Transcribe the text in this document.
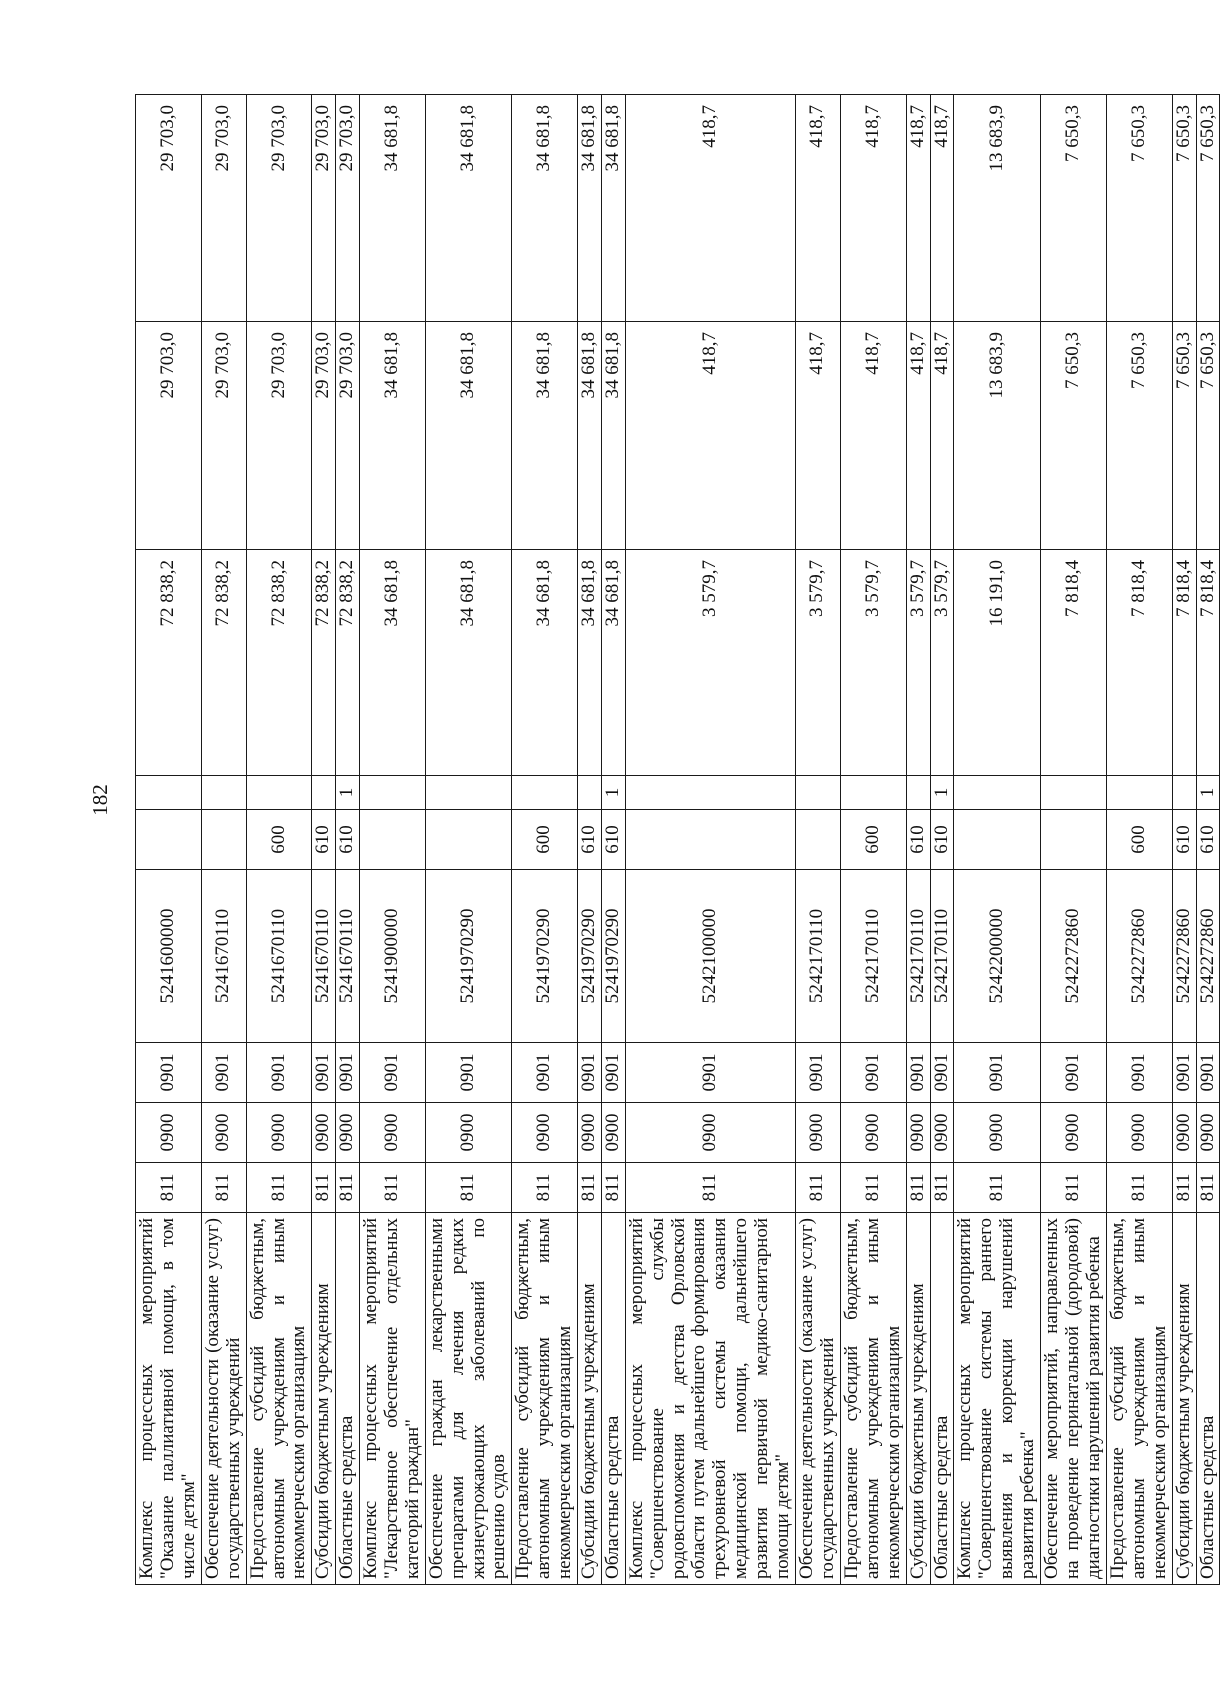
182
Комплекс процессных мероприятий "Оказание паллиативной помощи, в том числе детям"	811	0900	0901	5241600000			72 838,2	29 703,0	29 703,0
Обеспечение деятельности (оказание услуг) государственных учреждений	811	0900	0901	5241670110			72 838,2	29 703,0	29 703,0
Предоставление субсидий бюджетным, автономным учреждениям и иным некоммерческим организациям	811	0900	0901	5241670110	600		72 838,2	29 703,0	29 703,0
Субсидии бюджетным учреждениям	811	0900	0901	5241670110	610		72 838,2	29 703,0	29 703,0
Областные средства	811	0900	0901	5241670110	610	1	72 838,2	29 703,0	29 703,0
Комплекс процессных мероприятий "Лекарственное обеспечение отдельных категорий граждан"	811	0900	0901	5241900000			34 681,8	34 681,8	34 681,8
Обеспечение граждан лекарственными препаратами для лечения редких жизнеугрожающих заболеваний по решению судов	811	0900	0901	5241970290			34 681,8	34 681,8	34 681,8
Предоставление субсидий бюджетным, автономным учреждениям и иным некоммерческим организациям	811	0900	0901	5241970290	600		34 681,8	34 681,8	34 681,8
Субсидии бюджетным учреждениям	811	0900	0901	5241970290	610		34 681,8	34 681,8	34 681,8
Областные средства	811	0900	0901	5241970290	610	1	34 681,8	34 681,8	34 681,8
Комплекс процессных мероприятий "Совершенствование службы родовспоможения и детства Орловской области путем дальнейшего формирования трехуровневой системы оказания медицинской помощи, дальнейшего развития первичной медико-санитарной помощи детям"	811	0900	0901	5242100000			3 579,7	418,7	418,7
Обеспечение деятельности (оказание услуг) государственных учреждений	811	0900	0901	5242170110			3 579,7	418,7	418,7
Предоставление субсидий бюджетным, автономным учреждениям и иным некоммерческим организациям	811	0900	0901	5242170110	600		3 579,7	418,7	418,7
Субсидии бюджетным учреждениям	811	0900	0901	5242170110	610		3 579,7	418,7	418,7
Областные средства	811	0900	0901	5242170110	610	1	3 579,7	418,7	418,7
Комплекс процессных мероприятий "Совершенствование системы раннего выявления и коррекции нарушений развития ребенка"	811	0900	0901	5242200000			16 191,0	13 683,9	13 683,9
Обеспечение мероприятий, направленных на проведение перинатальной (дородовой) диагностики нарушений развития ребенка	811	0900	0901	5242272860			7 818,4	7 650,3	7 650,3
Предоставление субсидий бюджетным, автономным учреждениям и иным некоммерческим организациям	811	0900	0901	5242272860	600		7 818,4	7 650,3	7 650,3
Субсидии бюджетным учреждениям	811	0900	0901	5242272860	610		7 818,4	7 650,3	7 650,3
Областные средства	811	0900	0901	5242272860	610	1	7 818,4	7 650,3	7 650,3
